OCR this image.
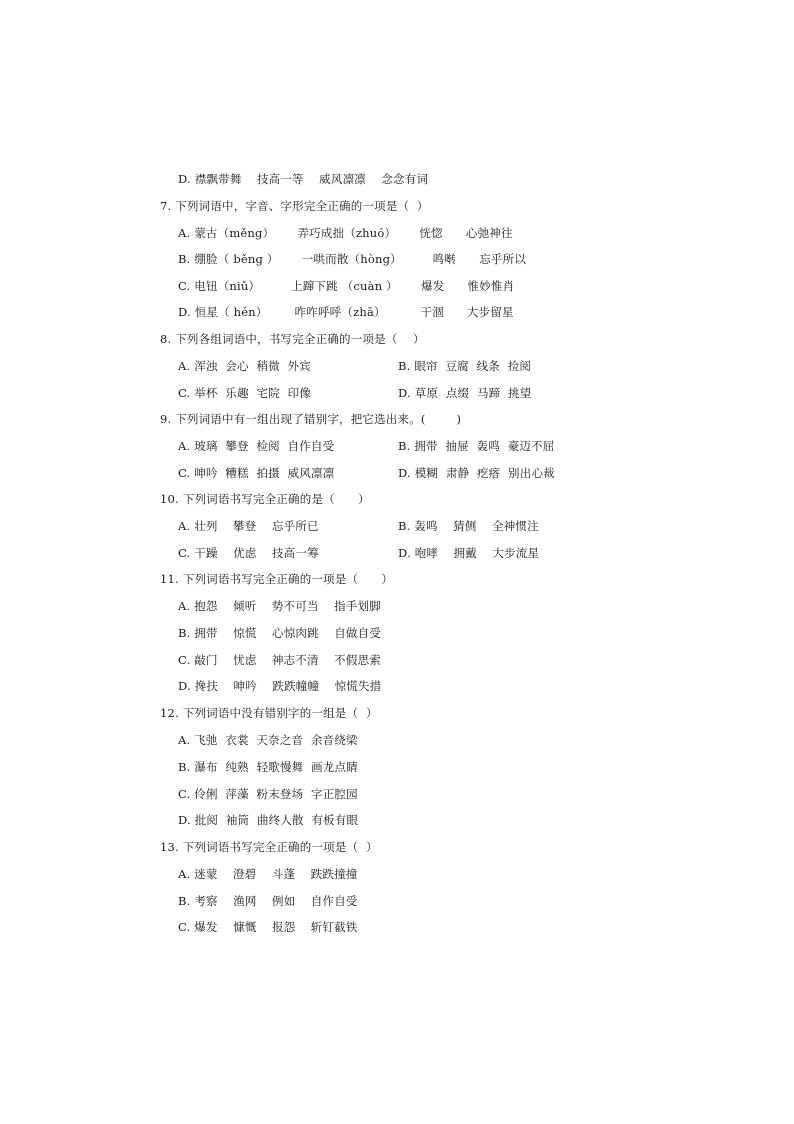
D. 襟飘带舞    技高一等    威风凛凛    念念有词
7. 下列词语中，字音、字形完全正确的一项是（  ）
A. 蒙古（měng）      弄巧成拙（zhuó）      恍惚      心弛神往
B. 绷脸（ běng ）      一哄而散（hòng）        鸣啭      忘乎所以
C. 电钮（niǔ）        上蹿下跳 （cuàn ）      爆发      惟妙惟肖
D. 恒星（ hén）       咋咋呼呼（zhā）         干涸      大步留星
8. 下列各组词语中，书写完全正确的一项是（    ）
A. 浑浊  会心  稍微  外宾	B. 眼帘  豆腐  线条  捡阅
C. 举杯  乐趣  宅院  印像	D. 草原  点缀  马蹄  挑望
9. 下列词语中有一组出现了错别字，把它选出来。(        )
A. 玻璃  攀登  检阅  自作自受	B. 拥带  抽屉  轰鸣  豪迈不屈
C. 呻吟  糟糕  拍摄  威风凛凛	D. 模糊  肃静  疙瘩  别出心裁
10. 下列词语书写完全正确的是（      ）
A. 壮列    攀登    忘乎所已	B. 轰鸣    猜侧    全神惯注
C. 干躁    优虑    技高一筹	D. 咆哮    拥戴    大步流星
11. 下列词语书写完全正确的一项是（      ）
A. 抱怨    倾听    势不可当    指手划脚
B. 拥带    惊慌    心惊肉跳    自做自受
C. 敲门    忧虑    神志不清    不假思索
D. 搀扶    呻吟    跌跌幢幢    惊慌失措
12. 下列词语中没有错别字的一组是（  ）
A. 飞弛  衣裳  天奈之音  余音绕梁
B. 瀑布  纯熟  轻歌慢舞  画龙点睛
C. 伶俐  萍藻  粉末登场  字正腔园
D. 批阅  袖筒  曲终人散  有板有眼
13. 下列词语书写完全正确的一项是（  ）
A. 迷蒙    澄碧    斗蓬    跌跌撞撞
B. 考察    渔网    例如    自作自受
C. 爆发    慷慨    报怨    斩钉截铁
